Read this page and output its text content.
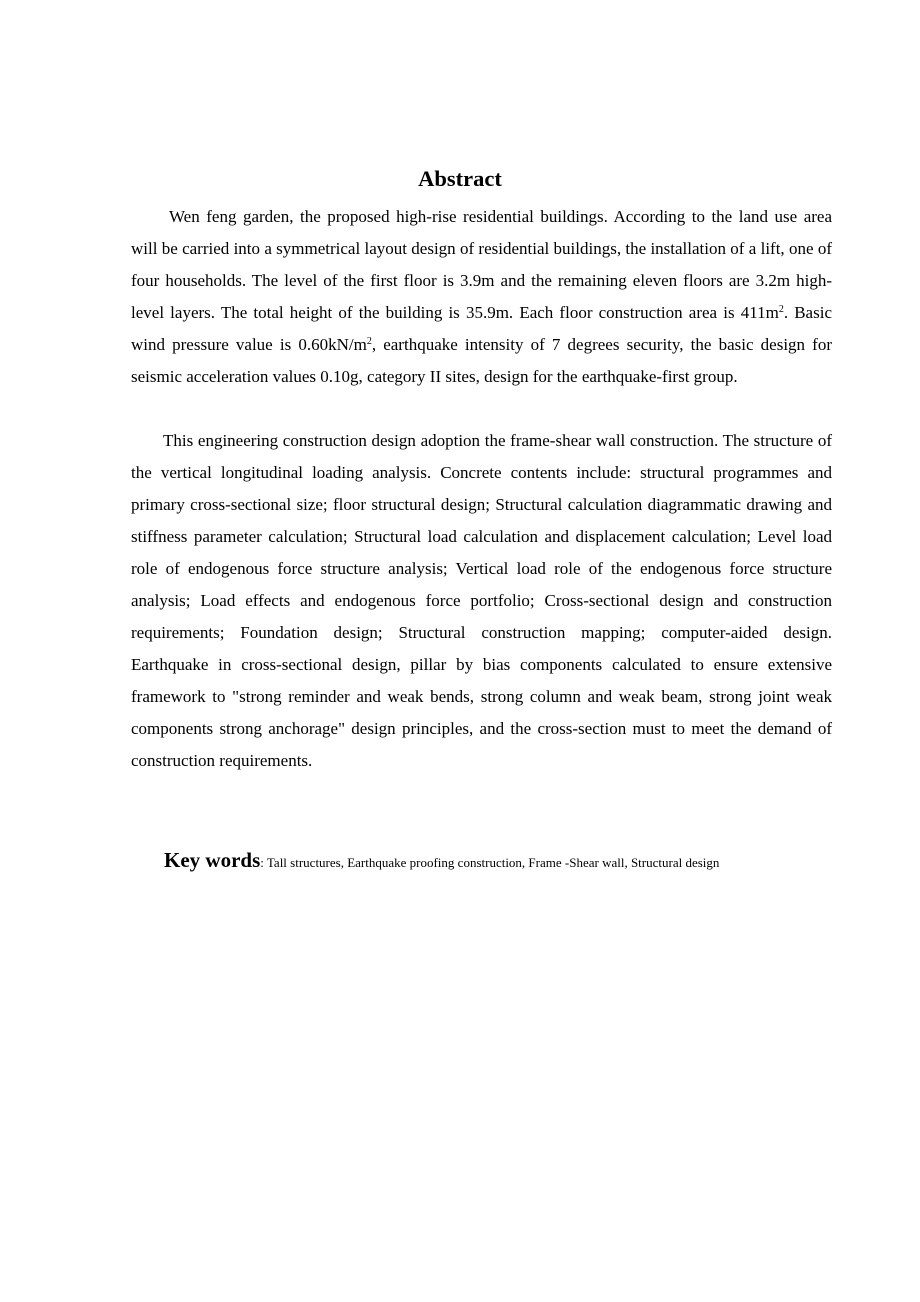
Abstract

Wen feng garden, the proposed high-rise residential buildings. According to the land use area will be carried into a symmetrical layout design of residential buildings, the installation of a lift, one of four households. The level of the first floor is 3.9m and the remaining eleven floors are 3.2m high-level layers. The total height of the building is 35.9m. Each floor construction area is $411m^2$. Basic wind pressure value is $0.60kN/m^2$, earthquake intensity of 7 degrees security, the basic design for seismic acceleration values 0.10g, category II sites, design for the earthquake-first group.

This engineering construction design adoption the frame-shear wall construction. The structure of the vertical longitudinal loading analysis. Concrete contents include: structural programmes and primary cross-sectional size; floor structural design; Structural calculation diagrammatic drawing and stiffness parameter calculation; Structural load calculation and displacement calculation; Level load role of endogenous force structure analysis; Vertical load role of the endogenous force structure analysis; Load effects and endogenous force portfolio; Cross-sectional design and construction requirements; Foundation design; Structural construction mapping; computer-aided design. Earthquake in cross-sectional design, pillar by bias components calculated to ensure extensive framework to "strong reminder and weak bends, strong column and weak beam, strong joint weak components strong anchorage" design principles, and the cross-section must to meet the demand of construction requirements.

Key words: Tall structures, Earthquake proofing construction, Frame -Shear wall, Structural design
